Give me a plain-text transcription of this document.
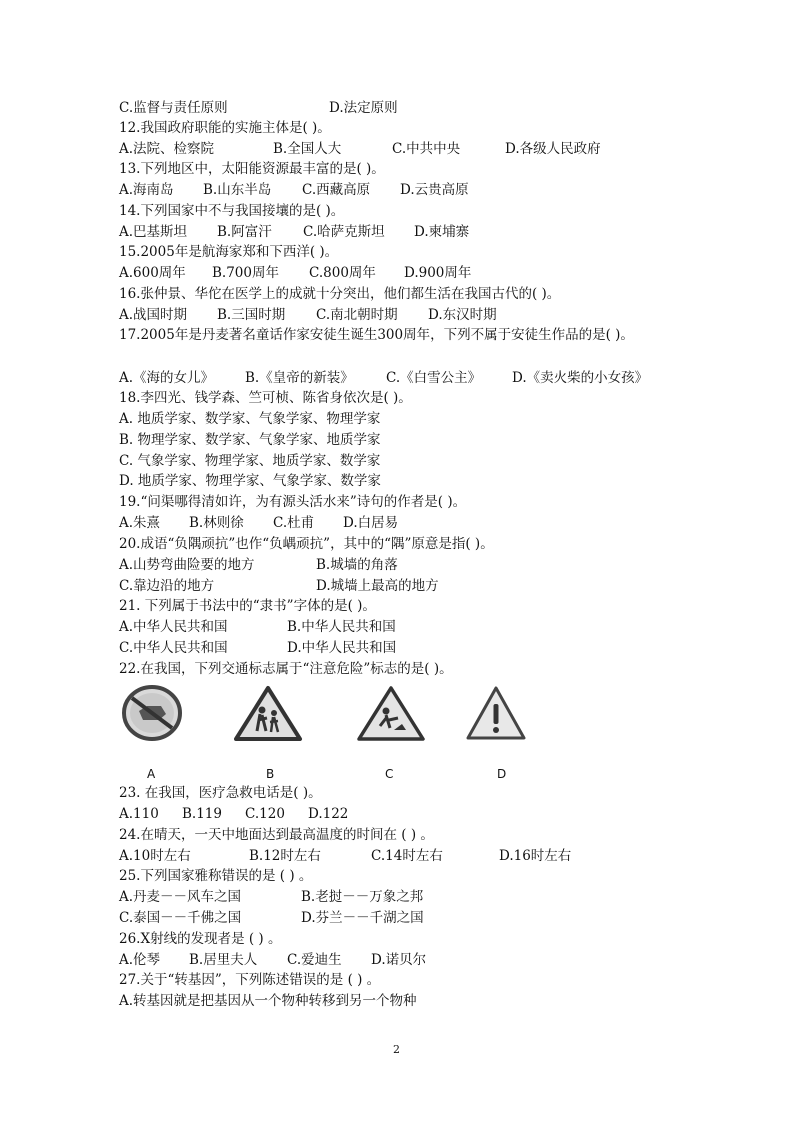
C.监督与责任原则	D.法定原则
12.我国政府职能的实施主体是( )。
A.法院、检察院	B.全国人大	C.中共中央	D.各级人民政府
13.下列地区中，太阳能资源最丰富的是( )。
A.海南岛 B.山东半岛 C.西藏高原 D.云贵高原
14.下列国家中不与我国接壤的是( )。
A.巴基斯坦 B.阿富汗 C.哈萨克斯坦 D.柬埔寨
15.2005年是航海家郑和下西洋( )。
A.600周年 B.700周年 C.800周年 D.900周年
16.张仲景、华佗在医学上的成就十分突出，他们都生活在我国古代的( )。
A.战国时期 B.三国时期 C.南北朝时期 D.东汉时期
17.2005年是丹麦著名童话作家安徒生诞生300周年，下列不属于安徒生作品的是( )。
A.《海的女儿》 B.《皇帝的新装》 C.《白雪公主》 D.《卖火柴的小女孩》
18.李四光、钱学森、竺可桢、陈省身依次是( )。
A. 地质学家、数学家、气象学家、物理学家
B. 物理学家、数学家、气象学家、地质学家
C. 气象学家、物理学家、地质学家、数学家
D. 地质学家、物理学家、气象学家、数学家
19.“问渠哪得清如许，为有源头活水来”诗句的作者是( )。
A.朱熹 B.林则徐 C.杜甫 D.白居易
20.成语“负隅顽抗”也作“负嵎顽抗”，其中的“隅”原意是指( )。
A.山势弯曲险要的地方	B.城墙的角落
C.靠边沿的地方	D.城墙上最高的地方
21. 下列属于书法中的“隶书”字体的是( )。
A.中华人民共和国	B.中华人民共和国
C.中华人民共和国	D.中华人民共和国
22.在我国，下列交通标志属于“注意危险”标志的是( )。
A	B	C	D
23. 在我国，医疗急救电话是( )。
A.110 B.119 C.120 D.122
24.在晴天，一天中地面达到最高温度的时间在 ( ) 。
A.10时左右	B.12时左右	C.14时左右	D.16时左右
25.下列国家雅称错误的是 ( ) 。
A.丹麦－－风车之国	B.老挝－－万象之邦
C.泰国－－千佛之国	D.芬兰－－千湖之国
26.X射线的发现者是 ( ) 。
A.伦琴 B.居里夫人 C.爱迪生 D.诺贝尔
27.关于“转基因”，下列陈述错误的是 ( ) 。
A.转基因就是把基因从一个物种转移到另一个物种
2
